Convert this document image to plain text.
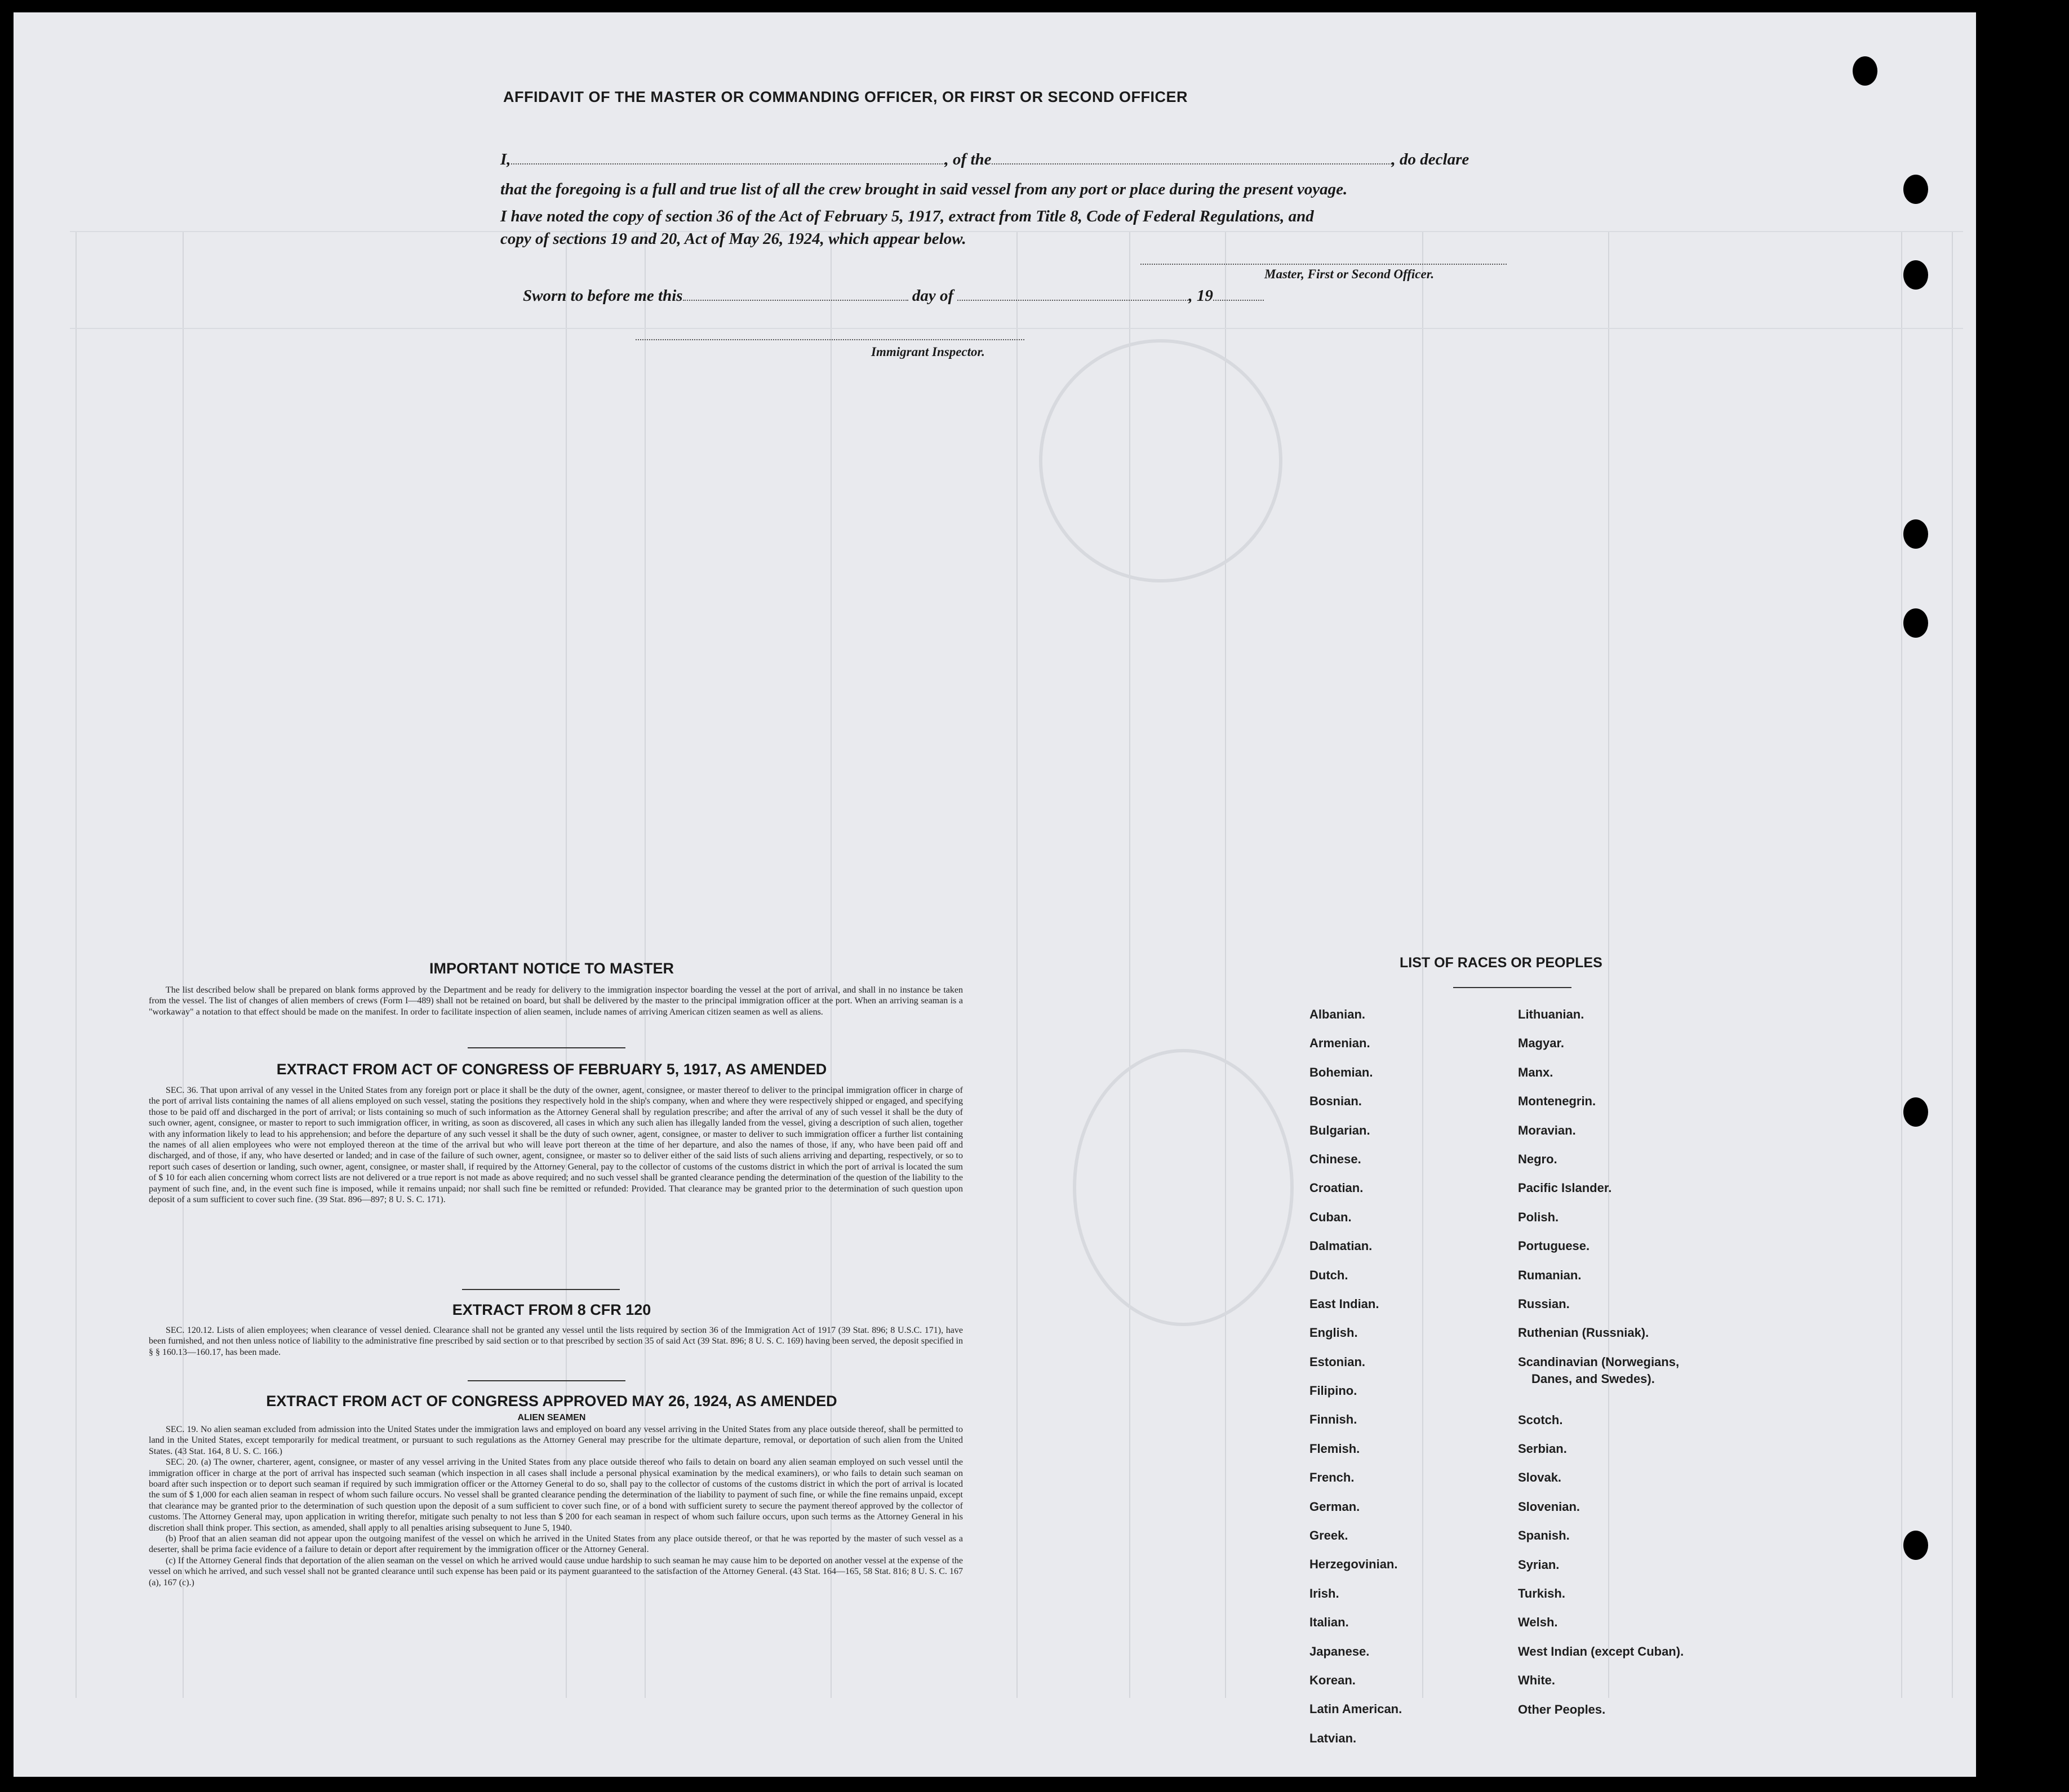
AFFIDAVIT OF THE MASTER OR COMMANDING OFFICER, OR FIRST OR SECOND OFFICER
I,	, of the	, do declare
that the foregoing is a full and true list of all the crew brought in said vessel from any port or place during the present voyage.
I have noted the copy of section 36 of the Act of February 5, 1917, extract from Title 8, Code of Federal Regulations, and
copy of sections 19 and 20, Act of May 26, 1924, which appear below.
Master, First or Second Officer.
Sworn to before me this	day of	, 19
Immigrant Inspector.
IMPORTANT NOTICE TO MASTER
The list described below shall be prepared on blank forms approved by the Department and be ready for delivery to the immigration inspector boarding the vessel at the port of arrival, and shall in no instance be taken from the vessel. The list of changes of alien members of crews (Form I—489) shall not be retained on board, but shall be delivered by the master to the principal immigration officer at the port. When an arriving seaman is a "workaway" a notation to that effect should be made on the manifest. In order to facilitate inspection of alien seamen, include names of arriving American citizen seamen as well as aliens.
EXTRACT FROM ACT OF CONGRESS OF FEBRUARY 5, 1917, AS AMENDED
SEC. 36. That upon arrival of any vessel in the United States from any foreign port or place it shall be the duty of the owner, agent, consignee, or master thereof to deliver to the principal immigration officer in charge of the port of arrival lists containing the names of all aliens employed on such vessel, stating the positions they respectively hold in the ship's company, when and where they were respectively shipped or engaged, and specifying those to be paid off and discharged in the port of arrival; or lists containing so much of such information as the Attorney General shall by regulation prescribe; and after the arrival of any of such vessel it shall be the duty of such owner, agent, consignee, or master to report to such immigration officer, in writing, as soon as discovered, all cases in which any such alien has illegally landed from the vessel, giving a description of such alien, together with any information likely to lead to his apprehension; and before the departure of any such vessel it shall be the duty of such owner, agent, consignee, or master to deliver to such immigration officer a further list containing the names of all alien employees who were not employed thereon at the time of the arrival but who will leave port thereon at the time of her departure, and also the names of those, if any, who have been paid off and discharged, and of those, if any, who have deserted or landed; and in case of the failure of such owner, agent, consignee, or master so to deliver either of the said lists of such aliens arriving and departing, respectively, or so to report such cases of desertion or landing, such owner, agent, consignee, or master shall, if required by the Attorney General, pay to the collector of customs of the customs district in which the port of arrival is located the sum of $ 10 for each alien concerning whom correct lists are not delivered or a true report is not made as above required; and no such vessel shall be granted clearance pending the determination of the question of the liability to the payment of such fine, and, in the event such fine is imposed, while it remains unpaid; nor shall such fine be remitted or refunded: Provided. That clearance may be granted prior to the determination of such question upon deposit of a sum sufficient to cover such fine. (39 Stat. 896—897; 8 U. S. C. 171).
EXTRACT FROM 8 CFR 120
SEC. 120.12. Lists of alien employees; when clearance of vessel denied. Clearance shall not be granted any vessel until the lists required by section 36 of the Immigration Act of 1917 (39 Stat. 896; 8 U.S.C. 171), have been furnished, and not then unless notice of liability to the administrative fine prescribed by said section or to that prescribed by section 35 of said Act (39 Stat. 896; 8 U. S. C. 169) having been served, the deposit specified in § § 160.13—160.17, has been made.
EXTRACT FROM ACT OF CONGRESS APPROVED MAY 26, 1924, AS AMENDED
ALIEN SEAMEN
SEC. 19. No alien seaman excluded from admission into the United States under the immigration laws and employed on board any vessel arriving in the United States from any place outside thereof, shall be permitted to land in the United States, except temporarily for medical treatment, or pursuant to such regulations as the Attorney General may prescribe for the ultimate departure, removal, or deportation of such alien from the United States. (43 Stat. 164, 8 U. S. C. 166.)
SEC. 20. (a) The owner, charterer, agent, consignee, or master of any vessel arriving in the United States from any place outside thereof who fails to detain on board any alien seaman employed on such vessel until the immigration officer in charge at the port of arrival has inspected such seaman (which inspection in all cases shall include a personal physical examination by the medical examiners), or who fails to detain such seaman on board after such inspection or to deport such seaman if required by such immigration officer or the Attorney General to do so, shall pay to the collector of customs of the customs district in which the port of arrival is located the sum of $ 1,000 for each alien seaman in respect of whom such failure occurs. No vessel shall be granted clearance pending the determination of the liability to payment of such fine, or while the fine remains unpaid, except that clearance may be granted prior to the determination of such question upon the deposit of a sum sufficient to cover such fine, or of a bond with sufficient surety to secure the payment thereof approved by the collector of customs. The Attorney General may, upon application in writing therefor, mitigate such penalty to not less than $ 200 for each seaman in respect of whom such failure occurs, upon such terms as the Attorney General in his discretion shall think proper. This section, as amended, shall apply to all penalties arising subsequent to June 5, 1940.
(b) Proof that an alien seaman did not appear upon the outgoing manifest of the vessel on which he arrived in the United States from any place outside thereof, or that he was reported by the master of such vessel as a deserter, shall be prima facie evidence of a failure to detain or deport after requirement by the immigration officer or the Attorney General.
(c) If the Attorney General finds that deportation of the alien seaman on the vessel on which he arrived would cause undue hardship to such seaman he may cause him to be deported on another vessel at the expense of the vessel on which he arrived, and such vessel shall not be granted clearance until such expense has been paid or its payment guaranteed to the satisfaction of the Attorney General. (43 Stat. 164—165, 58 Stat. 816; 8 U. S. C. 167 (a), 167 (c).)
LIST OF RACES OR PEOPLES
Albanian.
Armenian.
Bohemian.
Bosnian.
Bulgarian.
Chinese.
Croatian.
Cuban.
Dalmatian.
Dutch.
East Indian.
English.
Estonian.
Filipino.
Finnish.
Flemish.
French.
German.
Greek.
Herzegovinian.
Irish.
Italian.
Japanese.
Korean.
Latin American.
Latvian.
Lithuanian.
Magyar.
Manx.
Montenegrin.
Moravian.
Negro.
Pacific Islander.
Polish.
Portuguese.
Rumanian.
Russian.
Ruthenian (Russniak).
Scandinavian (Norwegians,
Danes, and Swedes).
Scotch.
Serbian.
Slovak.
Slovenian.
Spanish.
Syrian.
Turkish.
Welsh.
West Indian (except Cuban).
White.
Other Peoples.
